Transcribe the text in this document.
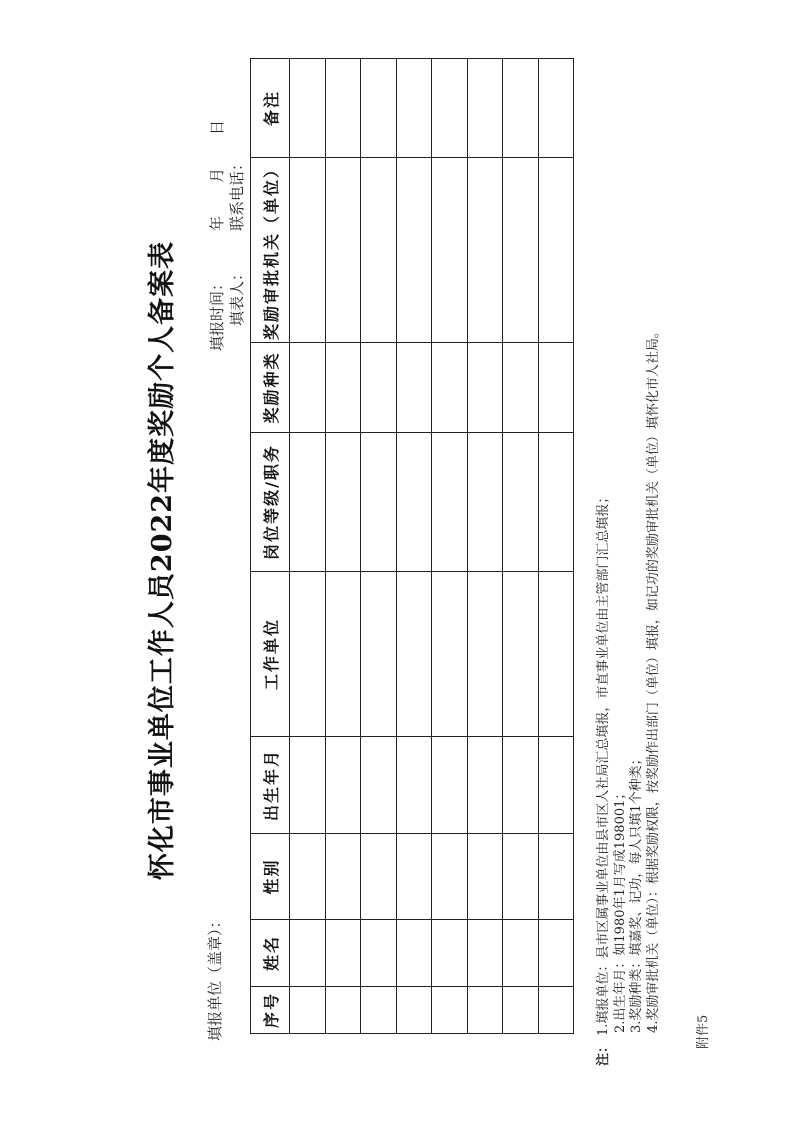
附件5
怀化市事业单位工作人员2022年度奖励个人备案表
填报单位（盖章）：
填报时间：
年　　月　　日
填表人：
联系电话：
序号	姓名	性别	出生年月	工作单位	岗位等级/职务	奖励种类	奖励审批机关（单位）	备注

注：1.填报单位：县市区属事业单位由县市区人社局汇总填报，市直事业单位由主管部门汇总填报； 2.出生年月：如1980年1月写成198001； 3.奖励种类：填嘉奖、记功，每人只填1个种类； 4.奖励审批机关（单位）：根据奖励权限，按奖励作出部门（单位）填报，如记功的奖励审批机关（单位）填怀化市人社局。
